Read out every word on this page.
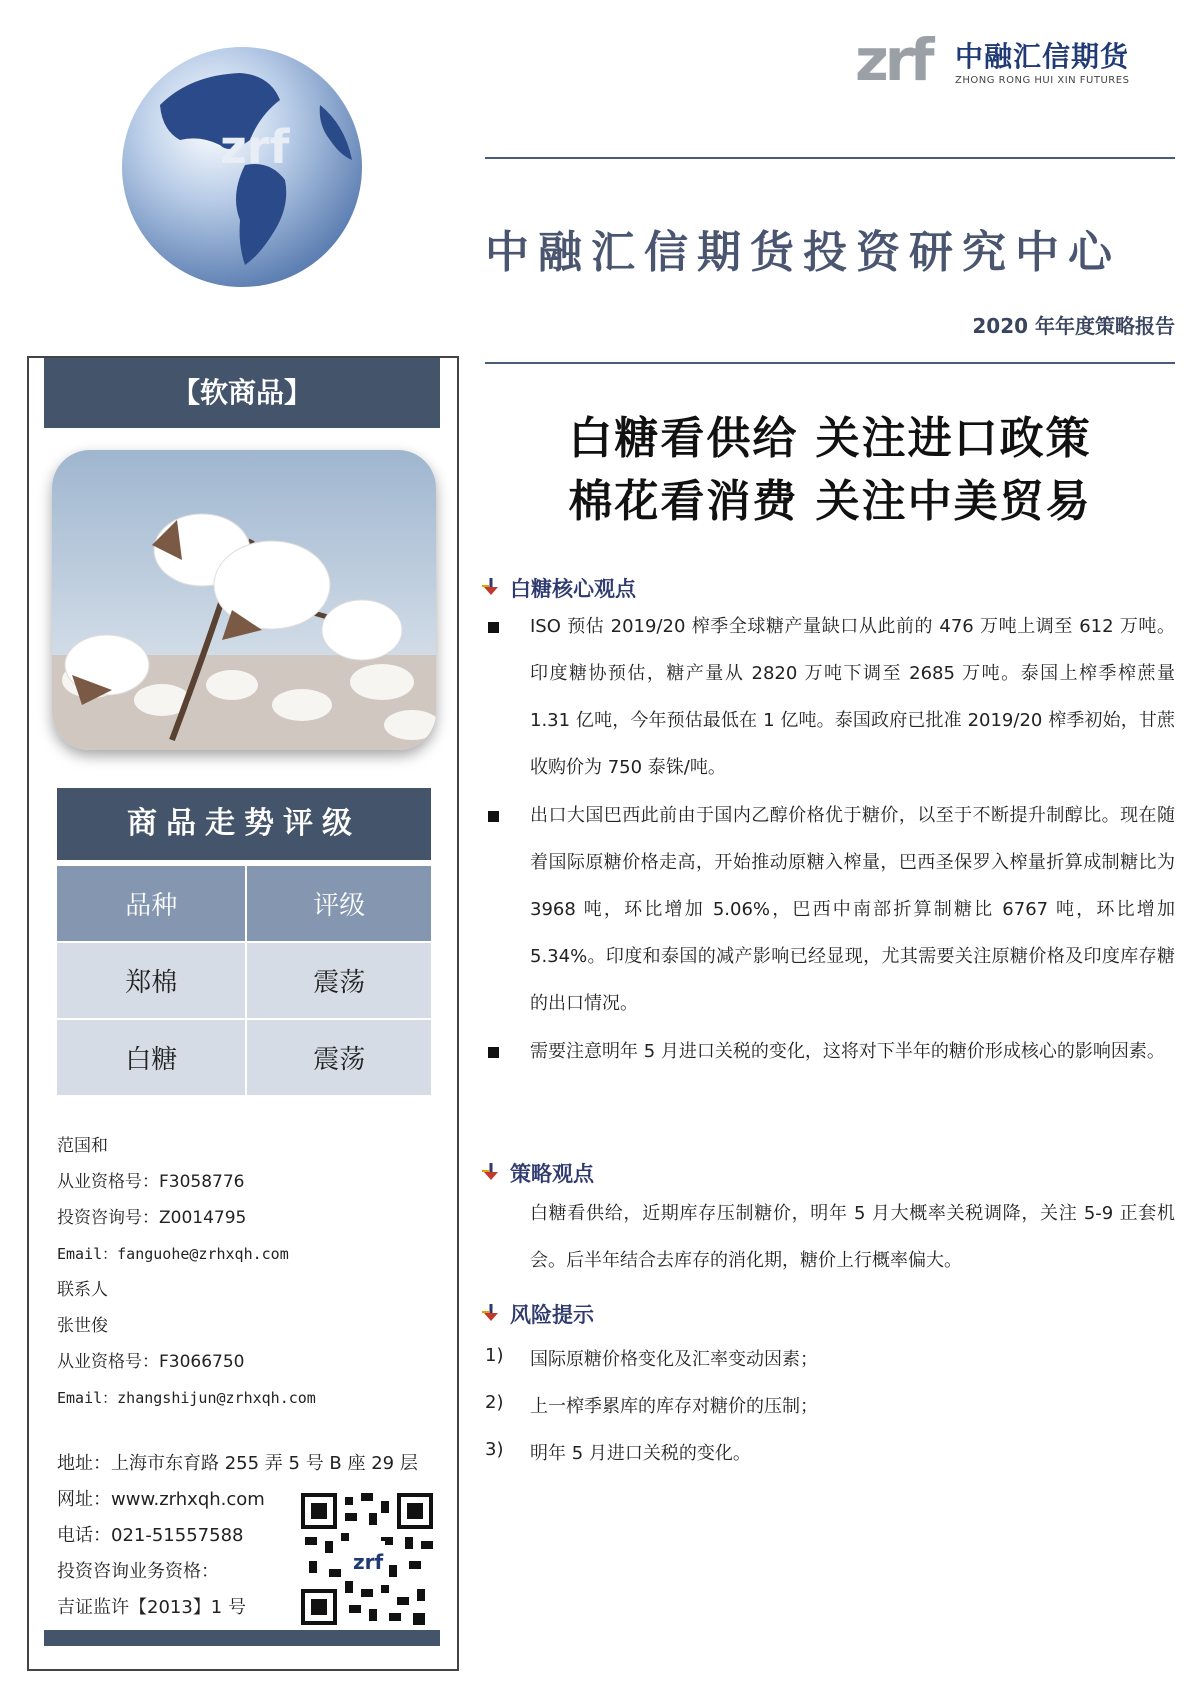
zrf
zrf 中融汇信期货
ZHONG RONG HUI XIN FUTURES
中融汇信期货投资研究中心
2020 年年度策略报告
白糖看供给 关注进口政策
棉花看消费 关注中美贸易
【软商品】
商品走势评级
品种	评级
郑棉	震荡
白糖	震荡
范国和
从业资格号：F3058776
投资咨询号：Z0014795
Email：fanguohe@zrhxqh.com
联系人
张世俊
从业资格号：F3066750
Email：zhangshijun@zrhxqh.com
地址：上海市东育路 255 弄 5 号 B 座 29 层
网址：www.zrhxqh.com
电话：021-51557588
投资咨询业务资格：
吉证监许【2013】1 号
zrf
白糖核心观点
ISO 预估 2019/20 榨季全球糖产量缺口从此前的 476 万吨上调至 612 万吨。印度糖协预估，糖产量从 2820 万吨下调至 2685 万吨。泰国上榨季榨蔗量 1.31 亿吨，今年预估最低在 1 亿吨。泰国政府已批准 2019/20 榨季初始，甘蔗收购价为 750 泰铢/吨。
出口大国巴西此前由于国内乙醇价格优于糖价，以至于不断提升制醇比。现在随着国际原糖价格走高，开始推动原糖入榨量，巴西圣保罗入榨量折算成制糖比为 3968 吨，环比增加 5.06%，巴西中南部折算制糖比 6767 吨，环比增加 5.34%。印度和泰国的减产影响已经显现，尤其需要关注原糖价格及印度库存糖的出口情况。
需要注意明年 5 月进口关税的变化，这将对下半年的糖价形成核心的影响因素。
策略观点
白糖看供给，近期库存压制糖价，明年 5 月大概率关税调降，关注 5-9 正套机会。后半年结合去库存的消化期，糖价上行概率偏大。
风险提示
1) 国际原糖价格变化及汇率变动因素；
2) 上一榨季累库的库存对糖价的压制；
3) 明年 5 月进口关税的变化。
